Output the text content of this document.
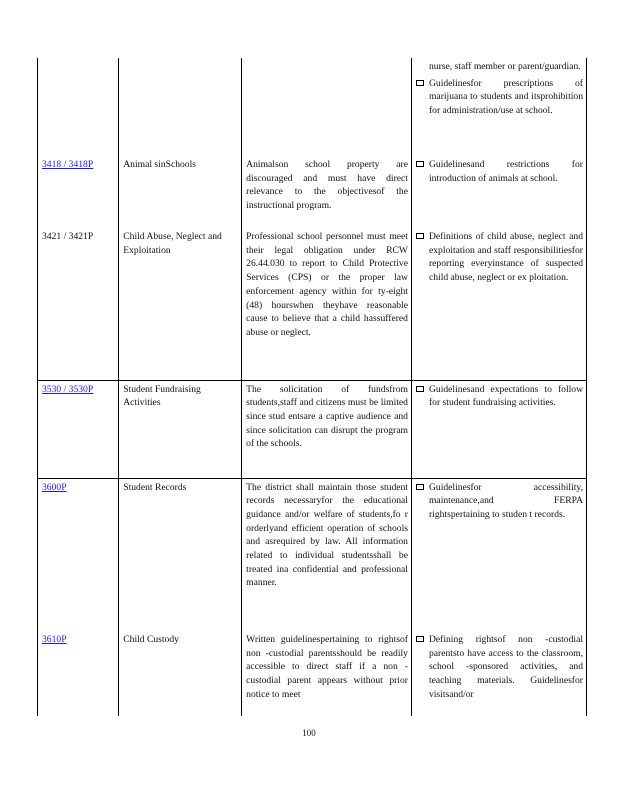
			nurse, staff member or parent/guardian.
Guidelinesfor prescriptions of marijuana to students and itsprohibition for administration/use at school.

3418 / 3418P	Animal sinSchools	Animalson school property are discouraged and must have direct relevance to the objectivesof the instructional program.	Guidelinesand restrictions for introduction of animals at school.

3421 / 3421P	Child Abuse, Neglect and Exploitation	Professional school personnel must meet their legal obligation under RCW 26.44.030 to report to Child Protective Services (CPS) or the proper law enforcement agency within for ty-eight (48) hourswhen theyhave reasonable cause to believe that a child hassuffered abuse or neglect.	Definitions of child abuse, neglect and exploitation and staff responsibilitiesfor reporting everyinstance of suspected child abuse, neglect or ex ploitation.

3530 / 3530P	Student Fundraising Activities	The solicitation of fundsfrom students,staff and citizens must be limited since stud entsare a captive audience and since solicitation can disrupt the program of the schools.	Guidelinesand expectations to follow for student fundraising activities.

3600P	Student Records	The district shall maintain those student records necessaryfor the educational guidance and/or welfare of students,fo r orderlyand efficient operation of schools and asrequired by law. All information related to individual studentsshall be treated ina confidential and professional manner.	Guidelinesfor accessibility, maintenance,and FERPA rightspertaining to studen t records.

3610P	Child Custody	Written guidelinespertaining to rightsof non -custodial parentsshould be readily accessible to direct staff if a non -custodial parent appears without prior notice to meet	Defining rightsof non -custodial parentsto have access to the classroom, school -sponsored activities, and teaching materials. Guidelinesfor visitsand/or
100
